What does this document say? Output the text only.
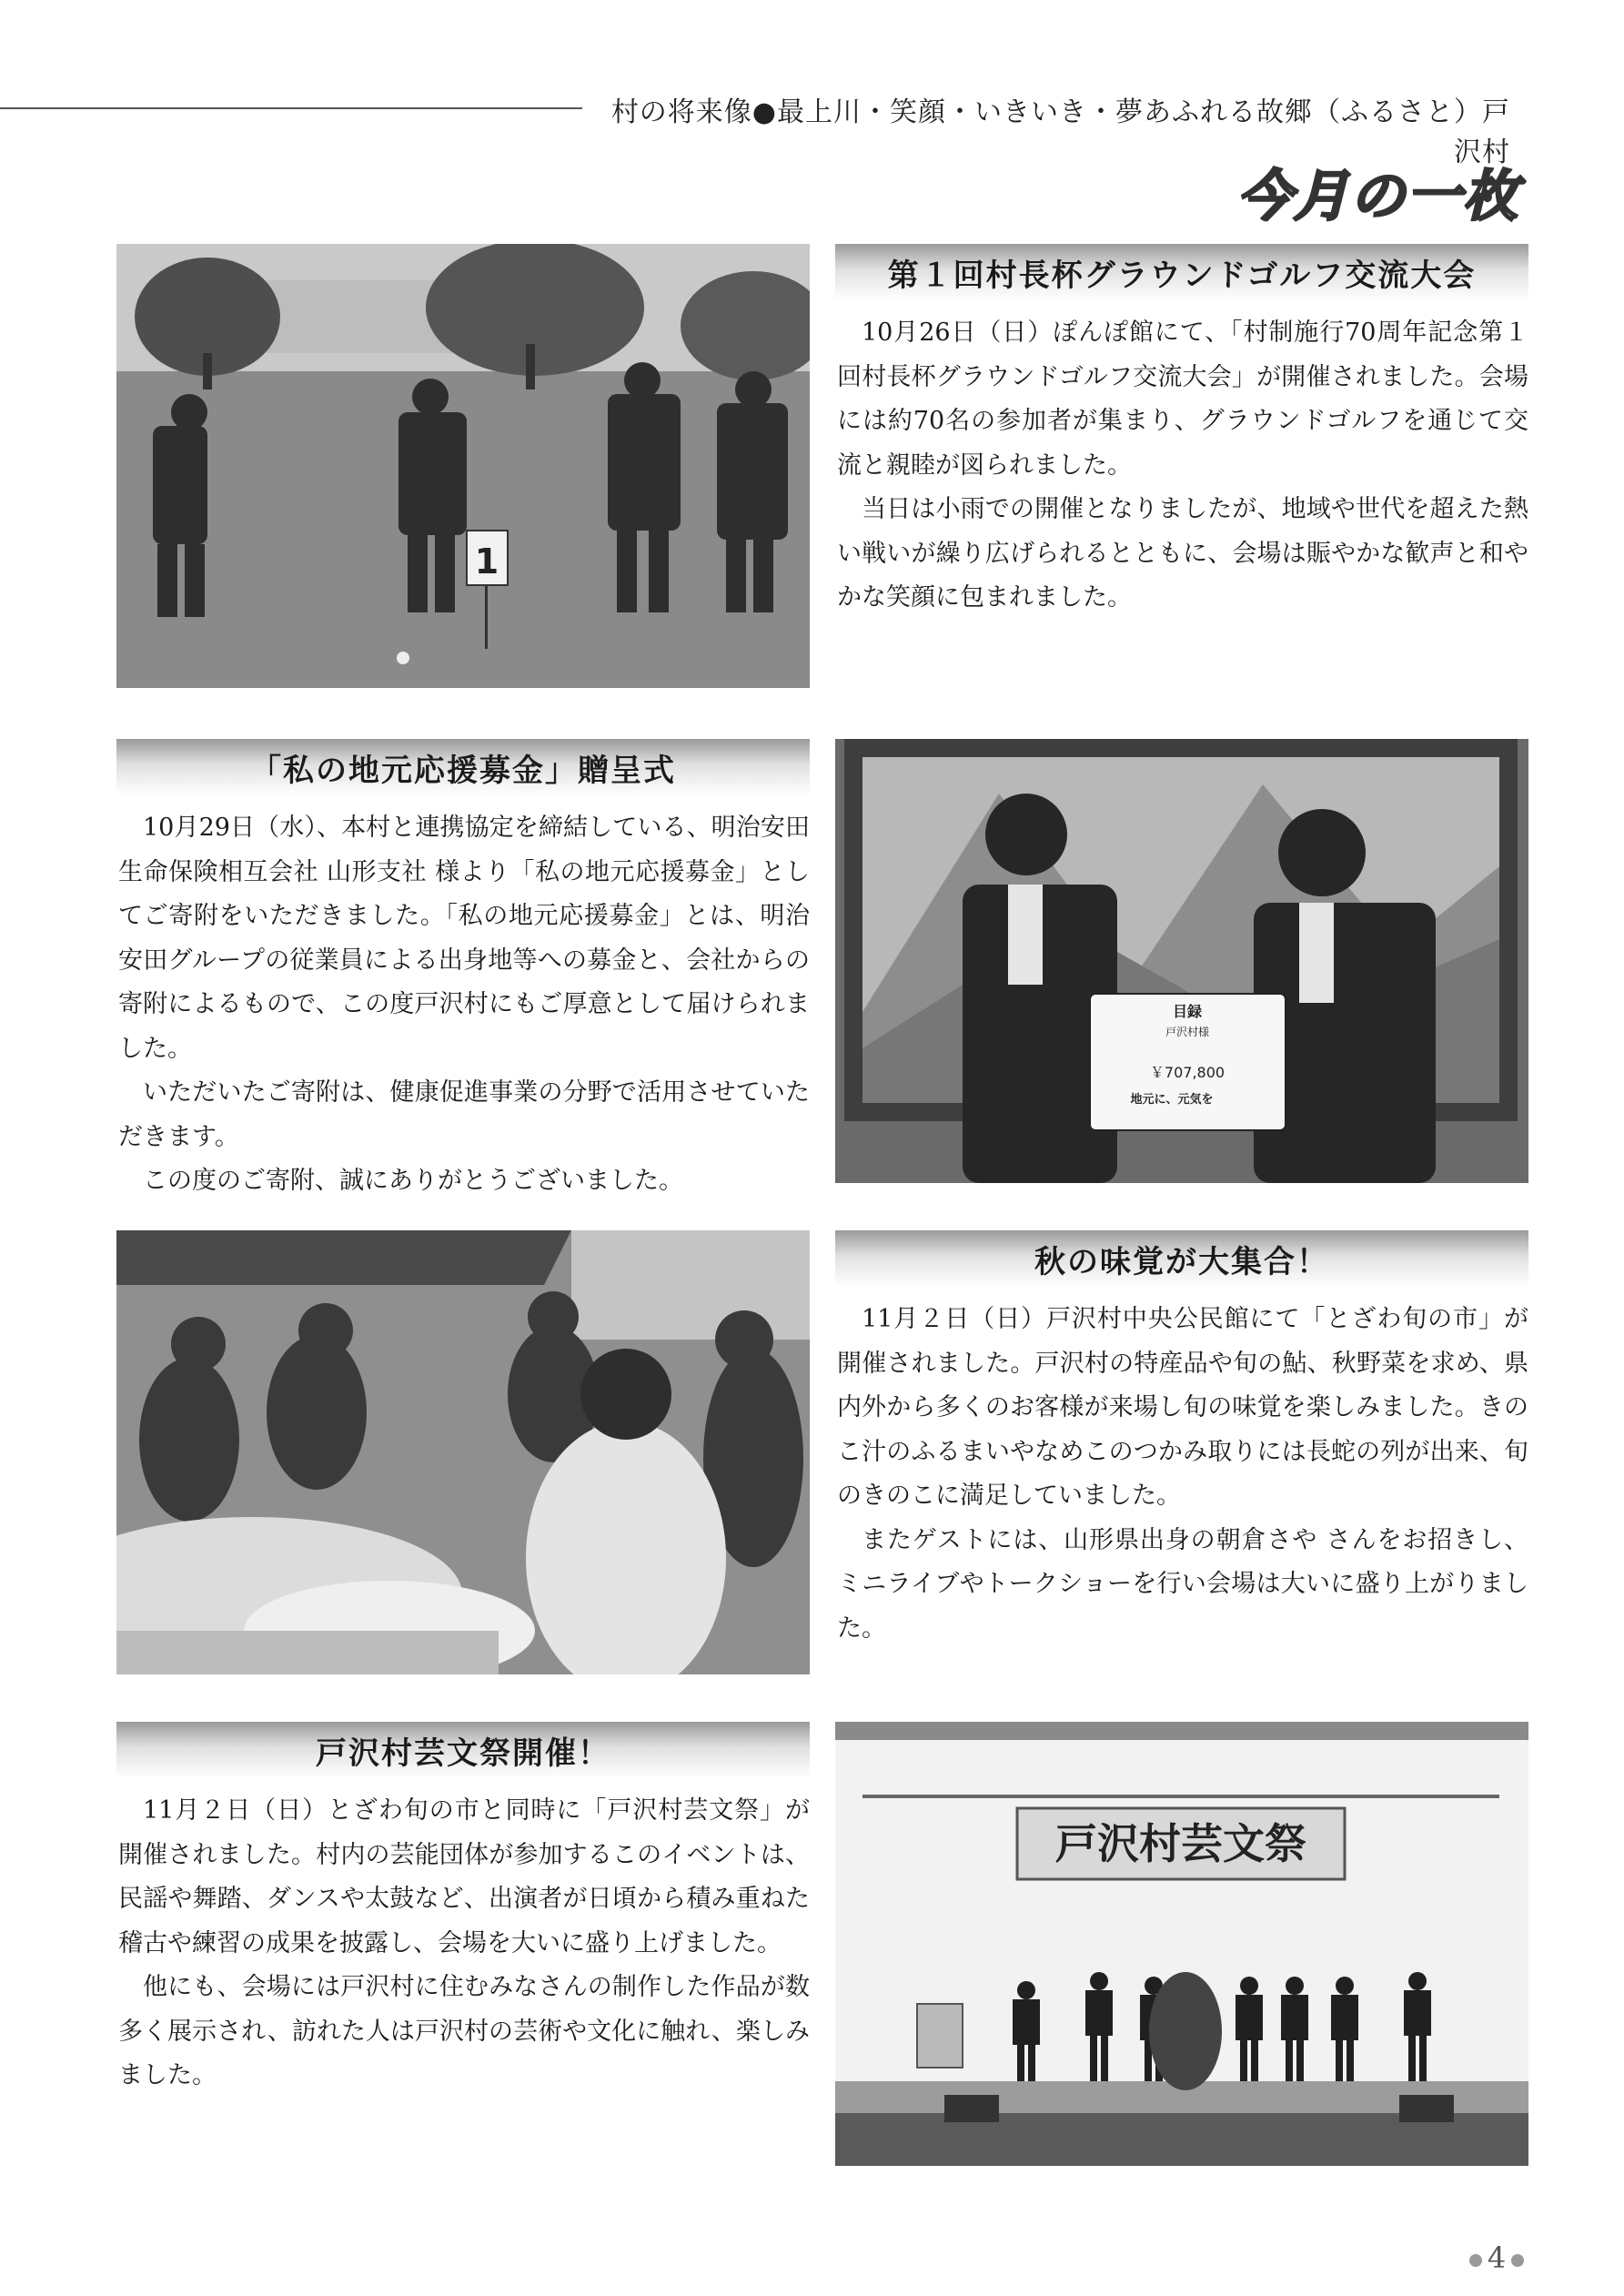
村の将来像●最上川・笑顔・いきいき・夢あふれる故郷（ふるさと）戸沢村
今月の一枚
1
第１回村長杯グラウンドゴルフ交流大会

10月26日（日）ぽんぽ館にて、「村制施行70周年記念第１回村長杯グラウンドゴルフ交流大会」が開催されました。会場には約70名の参加者が集まり、グラウンドゴルフを通じて交流と親睦が図られました。

当日は小雨での開催となりましたが、地域や世代を超えた熱い戦いが繰り広げられるとともに、会場は賑やかな歓声と和やかな笑顔に包まれました。

「私の地元応援募金」贈呈式

10月29日（水）、本村と連携協定を締結している、明治安田生命保険相互会社 山形支社 様より「私の地元応援募金」としてご寄附をいただきました。「私の地元応援募金」とは、明治安田グループの従業員による出身地等への募金と、会社からの寄附によるもので、この度戸沢村にもご厚意として届けられました。

いただいたご寄附は、健康促進事業の分野で活用させていただきます。

この度のご寄附、誠にありがとうございました。

目録
戸沢村様
￥707,800
地元に、元気を
秋の味覚が大集合！

11月２日（日）戸沢村中央公民館にて「とざわ旬の市」が開催されました。戸沢村の特産品や旬の鮎、秋野菜を求め、県内外から多くのお客様が来場し旬の味覚を楽しみました。きのこ汁のふるまいやなめこのつかみ取りには長蛇の列が出来、旬のきのこに満足していました。

またゲストには、山形県出身の朝倉さや さんをお招きし、ミニライブやトークショーを行い会場は大いに盛り上がりました。

戸沢村芸文祭開催！

11月２日（日）とざわ旬の市と同時に「戸沢村芸文祭」が開催されました。村内の芸能団体が参加するこのイベントは、民謡や舞踏、ダンスや太鼓など、出演者が日頃から積み重ねた稽古や練習の成果を披露し、会場を大いに盛り上げました。

他にも、会場には戸沢村に住むみなさんの制作した作品が数多く展示され、訪れた人は戸沢村の芸術や文化に触れ、楽しみました。

戸沢村芸文祭
4
